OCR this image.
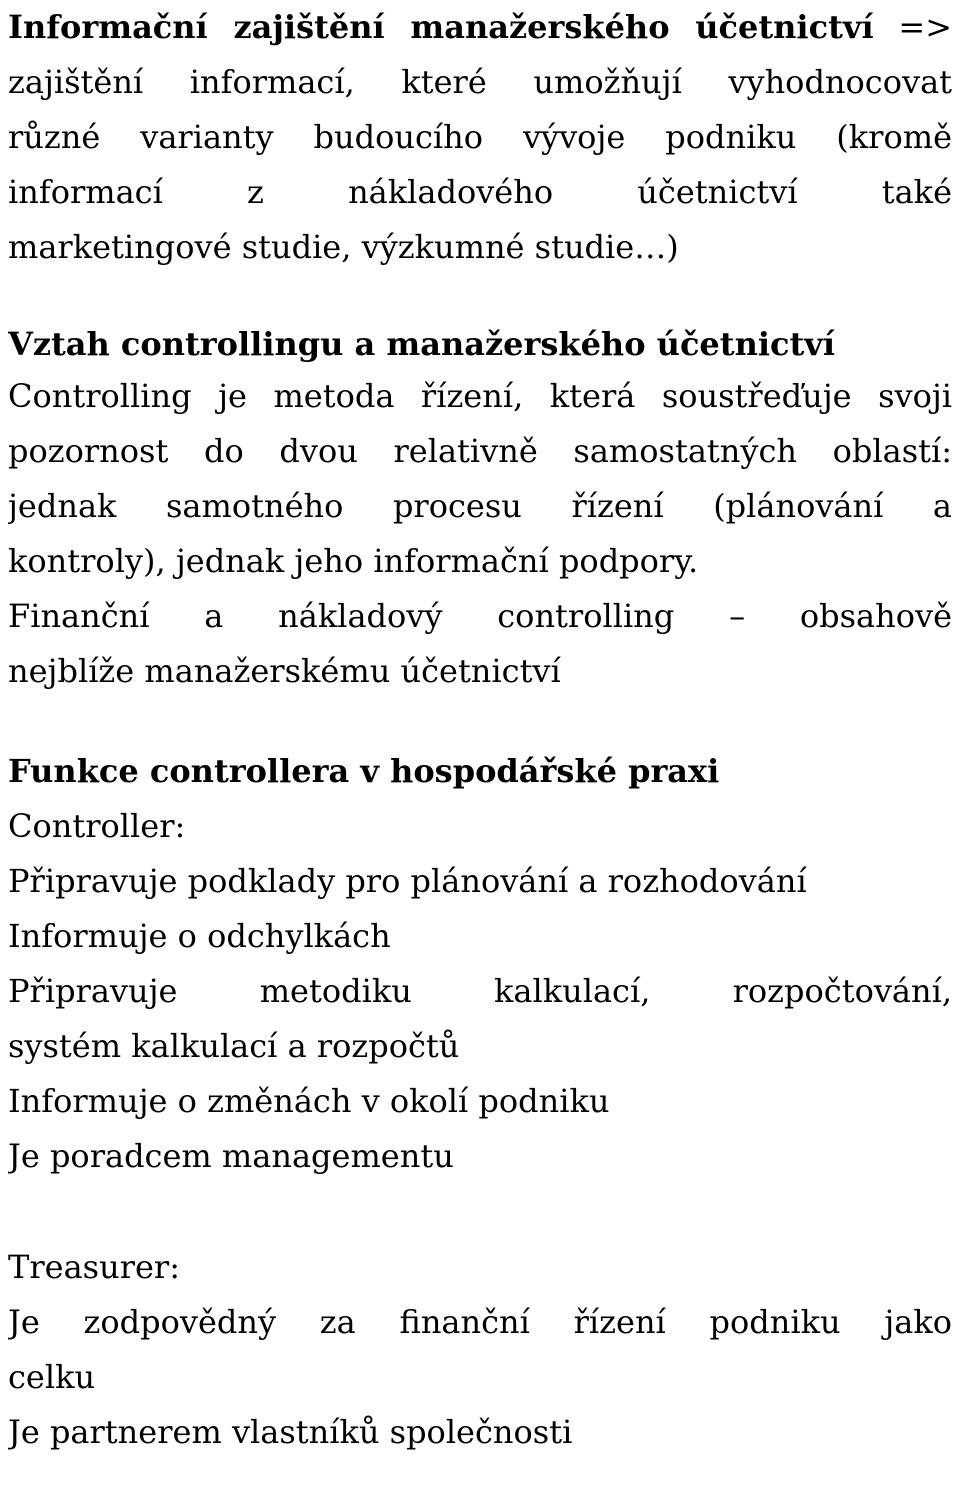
Informační zajištění manažerského účetnictví =>
zajištění informací, které umožňují vyhodnocovat
různé varianty budoucího vývoje podniku (kromě
informací z nákladového účetnictví také
marketingové studie, výzkumné studie…)
Vztah controllingu a manažerského účetnictví
Controlling je metoda řízení, která soustřeďuje svoji
pozornost do dvou relativně samostatných oblastí:
jednak samotného procesu řízení (plánování a
kontroly), jednak jeho informační podpory.
Finanční a nákladový controlling – obsahově
nejblíže manažerskému účetnictví
Funkce controllera v hospodářské praxi
Controller:
Připravuje podklady pro plánování a rozhodování
Informuje o odchylkách
Připravuje metodiku kalkulací, rozpočtování,
systém kalkulací a rozpočtů
Informuje o změnách v okolí podniku
Je poradcem managementu
Treasurer:
Je zodpovědný za finanční řízení podniku jako
celku
Je partnerem vlastníků společnosti
